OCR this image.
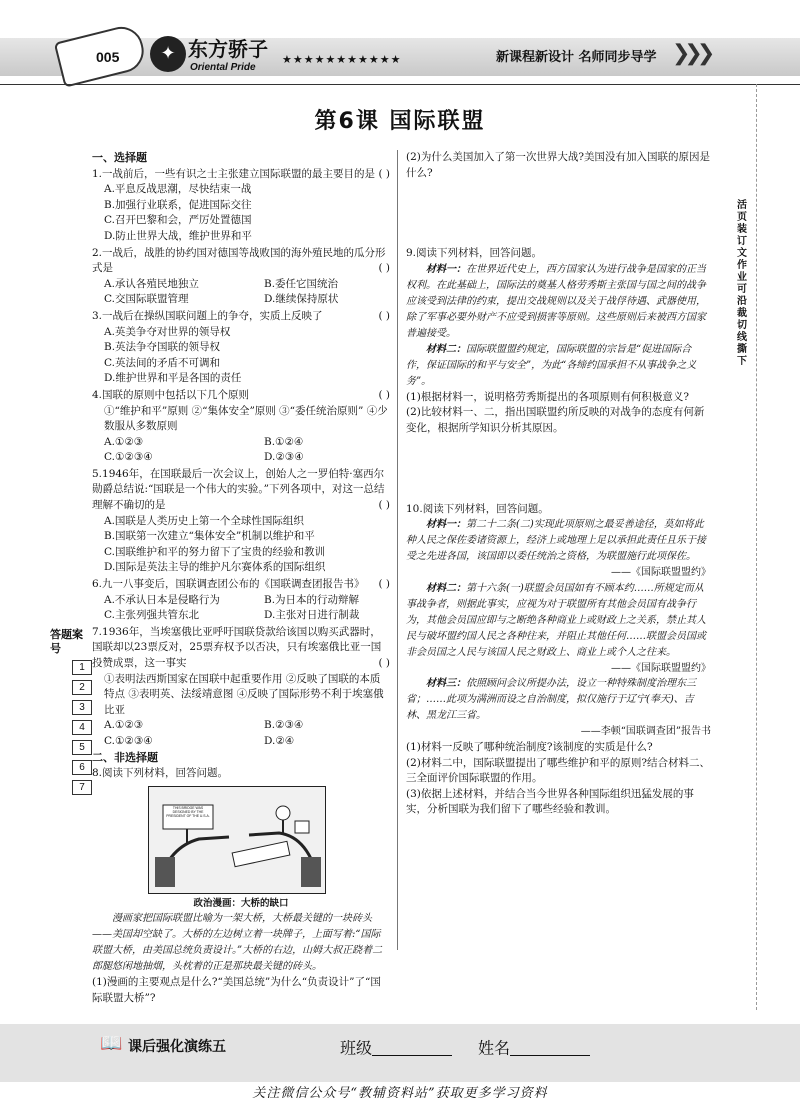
005	✦ 东方骄子
Oriental Pride
★★★★★★★★★★★	新课程新设计 名师同步导学 ❯❯❯
第6课 国际联盟
一、选择题
1.一战前后，一些有识之士主张建立国际联盟的最主要目的是 ( )
A.平息反战思潮，尽快结束一战
B.加强行业联系，促进国际交往
C.召开巴黎和会，严厉处置德国
D.防止世界大战，维护世界和平
2.一战后，战胜的协约国对德国等战败国的海外殖民地的瓜分形式是	( )
A.承认各殖民地独立	B.委任它国统治
C.交国际联盟管理	D.继续保持原状
3.一战后在操纵国联问题上的争夺，实质上反映了	( )
A.英美争夺对世界的领导权
B.英法争夺国联的领导权
C.英法间的矛盾不可调和
D.维护世界和平是各国的责任
4.国联的原则中包括以下几个原则	( )
①“维护和平”原则 ②“集体安全”原则 ③“委任统治原则” ④少数服从多数原则
A.①②③	B.①②④
C.①②③④	D.②③④
5.1946年，在国联最后一次会议上，创始人之一罗伯特·塞西尔勋爵总结说:“国联是一个伟大的实验。”下列各项中，对这一总结理解不确切的是	( )
A.国联是人类历史上第一个全球性国际组织
B.国联第一次建立“集体安全”机制以维护和平
C.国联维护和平的努力留下了宝贵的经验和教训
D.国际是英法主导的维护凡尔赛体系的国际组织
6.九一八事变后，国联调查团公布的《国联调查团报告书》 ( )
A.不承认日本是侵略行为	B.为日本的行动辩解
C.主张列强共管东北	D.主张对日进行制裁
7.1936年，当埃塞俄比亚呼吁国联贷款给该国以购买武器时，国联却以23票反对，25票弃权予以否决，只有埃塞俄比亚一国投赞成票，这一事实	( )
①表明法西斯国家在国联中起重要作用 ②反映了国联的本质特点 ③表明英、法绥靖意图 ④反映了国际形势不利于埃塞俄比亚
A.①②③	B.②③④
C.①②③④	D.②④
二、非选择题
8.阅读下列材料，回答问题。
THIS BRIDGE WAS DESIGNED BY THE PRESIDENT OF THE U.S.A.
政治漫画：大桥的缺口
漫画家把国际联盟比喻为一架大桥，大桥最关键的一块砖头——美国却空缺了。大桥的左边树立着一块牌子，上面写着:“国际联盟大桥，由美国总统负责设计。”大桥的右边，山姆大叔正跷着二郎腿悠闲地抽烟，头枕着的正是那块最关键的砖头。
(1)漫画的主要观点是什么?“美国总统”为什么“负责设计”了“国际联盟大桥”?
(2)为什么美国加入了第一次世界大战?美国没有加入国联的原因是什么?
9.阅读下列材料，回答问题。
材料一：在世界近代史上，西方国家认为进行战争是国家的正当权利。在此基础上，国际法的奠基人格劳秀斯主张国与国之间的战争应该受到法律的约束，提出交战规则以及关于战俘待遇、武器使用，除了军事必要外财产不应受到损害等原则。这些原则后来被西方国家普遍接受。
材料二：国际联盟盟约规定，国际联盟的宗旨是“促进国际合作，保证国际的和平与安全”，为此“各缔约国承担不从事战争之义务”。
(1)根据材料一，说明格劳秀斯提出的各项原则有何积极意义?
(2)比较材料一、二，指出国联盟约所反映的对战争的态度有何新变化，根据所学知识分析其原因。
10.阅读下列材料，回答问题。
材料一：第二十二条(二)实现此项原则之最妥善途径，莫如将此种人民之保佐委诸资源上，经济上或地理上足以承担此责任且乐于接受之先进各国，该国即以委任统治之资格，为联盟施行此项保佐。
——《国际联盟盟约》
材料二：第十六条(一)联盟会员国如有不顾本约……所规定而从事战争者，则据此事实，应视为对于联盟所有其他会员国有战争行为，其他会员国应即与之断绝各种商业上或财政上之关系，禁止其人民与破坏盟约国人民之各种往来，并阻止其他任何……联盟会员国或非会员国之人民与该国人民之财政上、商业上或个人之往来。
——《国际联盟盟约》
材料三：依照顾问会议所提办法，设立一种特殊制度治理东三省；……此项为满洲而设之自治制度，拟仅施行于辽宁(奉天)、吉林、黑龙江三省。
——李顿“国联调查团”报告书
(1)材料一反映了哪种统治制度?该制度的实质是什么?
(2)材料二中，国际联盟提出了哪些维护和平的原则?结合材料二、三全面评价国际联盟的作用。
(3)依据上述材料，并结合当今世界各种国际组织迅猛发展的事实，分析国联为我们留下了哪些经验和教训。
活页装订 文作业可沿裁切线撕下
答题案号
1
2
3
4
5
6
7
📖 课后强化演练五	班级	姓名
关注微信公众号“教辅资料站”获取更多学习资料
